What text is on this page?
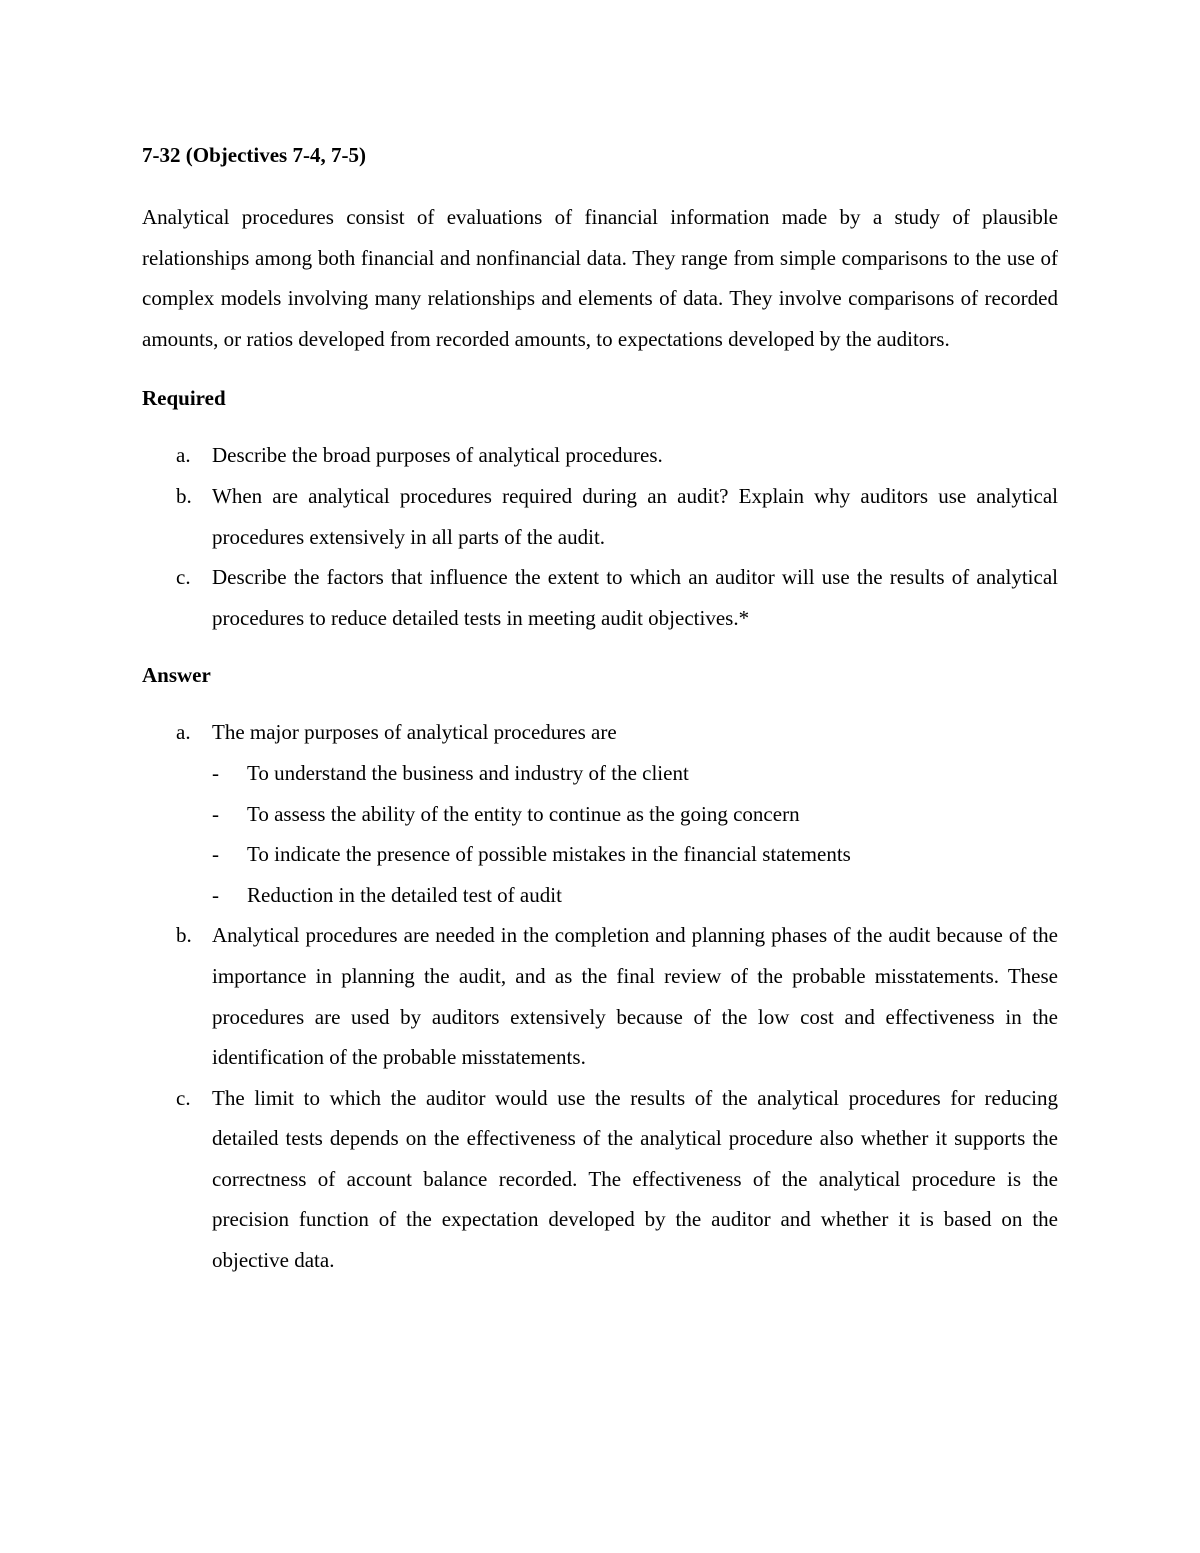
7-32 (Objectives 7-4, 7-5)

Analytical procedures consist of evaluations of financial information made by a study of plausible relationships among both financial and nonfinancial data. They range from simple comparisons to the use of complex models involving many relationships and elements of data. They involve comparisons of recorded amounts, or ratios developed from recorded amounts, to expectations developed by the auditors.

Required
a. Describe the broad purposes of analytical procedures.
b. When are analytical procedures required during an audit? Explain why auditors use analytical procedures extensively in all parts of the audit.
c. Describe the factors that influence the extent to which an auditor will use the results of analytical procedures to reduce detailed tests in meeting audit objectives.*
Answer
a. The major purposes of analytical procedures are
- To understand the business and industry of the client
- To assess the ability of the entity to continue as the going concern
- To indicate the presence of possible mistakes in the financial statements
- Reduction in the detailed test of audit
b. Analytical procedures are needed in the completion and planning phases of the audit because of the importance in planning the audit, and as the final review of the probable misstatements. These procedures are used by auditors extensively because of the low cost and effectiveness in the identification of the probable misstatements.
c. The limit to which the auditor would use the results of the analytical procedures for reducing detailed tests depends on the effectiveness of the analytical procedure also whether it supports the correctness of account balance recorded. The effectiveness of the analytical procedure is the precision function of the expectation developed by the auditor and whether it is based on the objective data.
